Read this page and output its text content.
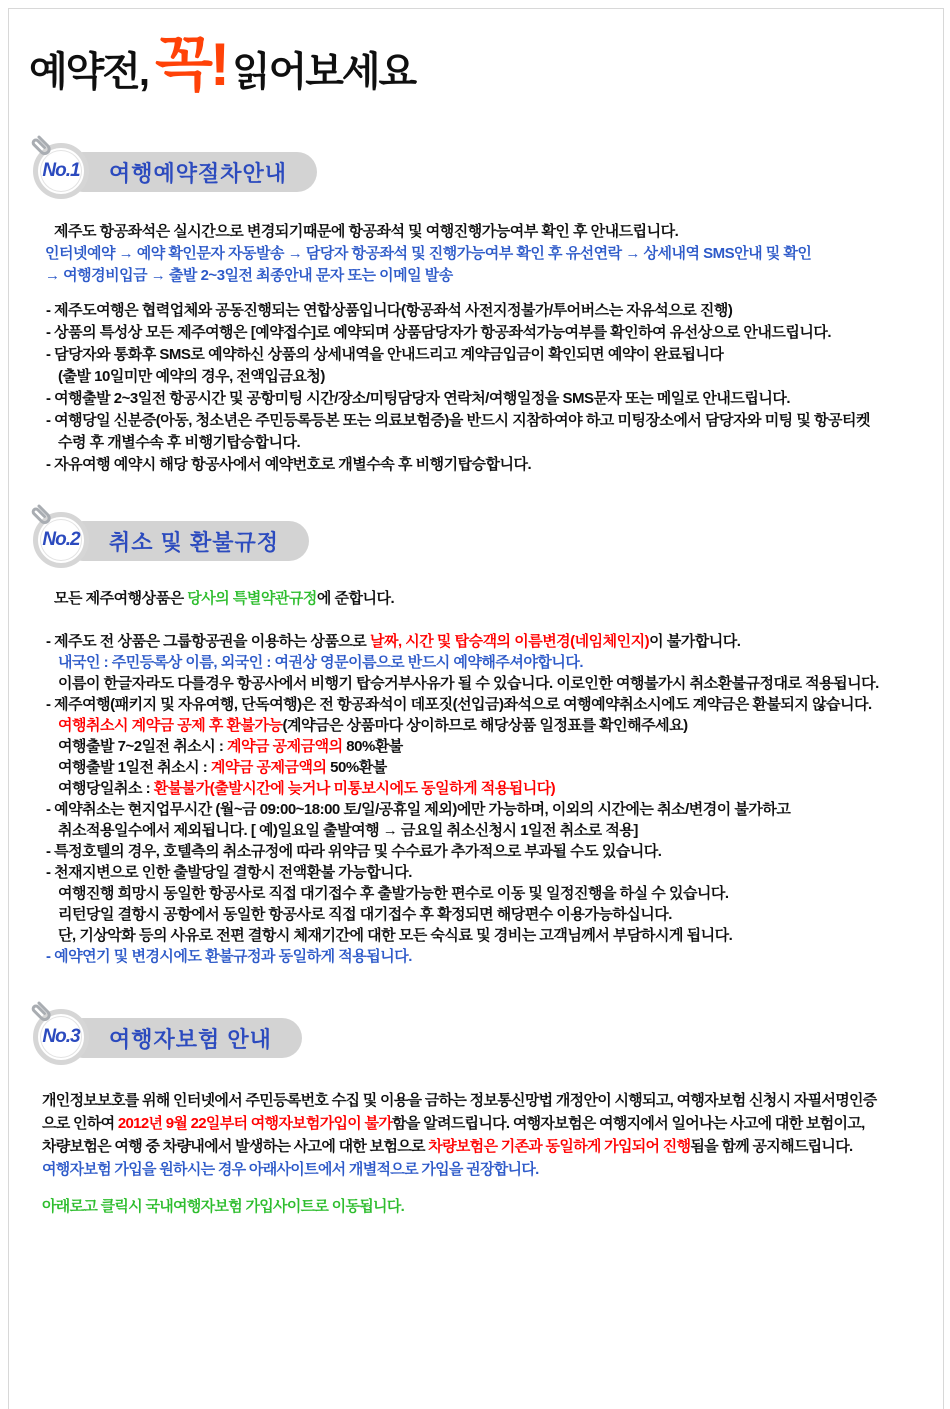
예약전, 꼭! 읽어보세요
여행예약절차안내
No.1
제주도 항공좌석은 실시간으로 변경되기때문에 항공좌석 및 여행진행가능여부 확인 후 안내드립니다.
인터넷예약 → 예약 확인문자 자동발송 → 담당자 항공좌석 및 진행가능여부 확인 후 유선연락 → 상세내역 SMS안내 및 확인
→ 여행경비입금 → 출발 2~3일전 최종안내 문자 또는 이메일 발송
- 제주도여행은 협력업체와 공동진행되는 연합상품입니다(항공좌석 사전지정불가/투어버스는 자유석으로 진행)
- 상품의 특성상 모든 제주여행은 [예약접수]로 예약되며 상품담당자가 항공좌석가능여부를 확인하여 유선상으로 안내드립니다.
- 담당자와 통화후 SMS로 예약하신 상품의 상세내역을 안내드리고 계약금입금이 확인되면 예약이 완료됩니다
(출발 10일미만 예약의 경우, 전액입금요청)
- 여행출발 2~3일전 항공시간 및 공항미팅 시간/장소/미팅담당자 연락처/여행일정을 SMS문자 또는 메일로 안내드립니다.
- 여행당일 신분증(아동, 청소년은 주민등록등본 또는 의료보험증)을 반드시 지참하여야 하고 미팅장소에서 담당자와 미팅 및 항공티켓
수령 후 개별수속 후 비행기탑승합니다.
- 자유여행 예약시 해당 항공사에서 예약번호로 개별수속 후 비행기탑승합니다.
취소 및 환불규정
No.2
모든 제주여행상품은 당사의 특별약관규정에 준합니다.
- 제주도 전 상품은 그룹항공권을 이용하는 상품으로 날짜, 시간 및 탑승객의 이름변경(네임체인지)이 불가합니다.
내국인 : 주민등록상 이름, 외국인 : 여권상 영문이름으로 반드시 예약해주셔야합니다.
이름이 한글자라도 다를경우 항공사에서 비행기 탑승거부사유가 될 수 있습니다. 이로인한 여행불가시 취소환불규정대로 적용됩니다.
- 제주여행(패키지 및 자유여행, 단독여행)은 전 항공좌석이 데포짓(선입금)좌석으로 여행예약취소시에도 계약금은 환불되지 않습니다.
여행취소시 계약금 공제 후 환불가능(계약금은 상품마다 상이하므로 해당상품 일정표를 확인해주세요)
여행출발 7~2일전 취소시 : 계약금 공제금액의 80%환불
여행출발 1일전 취소시 : 계약금 공제금액의 50%환불
여행당일취소 : 환불불가(출발시간에 늦거나 미통보시에도 동일하게 적용됩니다)
- 예약취소는 현지업무시간 (월~금 09:00~18:00 토/일/공휴일 제외)에만 가능하며, 이외의 시간에는 취소/변경이 불가하고
취소적용일수에서 제외됩니다. [ 예)일요일 출발여행 → 금요일 취소신청시 1일전 취소로 적용]
- 특정호텔의 경우, 호텔측의 취소규정에 따라 위약금 및 수수료가 추가적으로 부과될 수도 있습니다.
- 천재지변으로 인한 출발당일 결항시 전액환불 가능합니다.
여행진행 희망시 동일한 항공사로 직접 대기접수 후 출발가능한 편수로 이동 및 일정진행을 하실 수 있습니다.
리턴당일 결항시 공항에서 동일한 항공사로 직접 대기접수 후 확정되면 해당편수 이용가능하십니다.
단, 기상악화 등의 사유로 전편 결항시 체재기간에 대한 모든 숙식료 및 경비는 고객님께서 부담하시게 됩니다.
- 예약연기 및 변경시에도 환불규정과 동일하게 적용됩니다.
여행자보험 안내
No.3
개인정보보호를 위해 인터넷에서 주민등록번호 수집 및 이용을 금하는 정보통신망법 개정안이 시행되고, 여행자보험 신청시 자필서명인증
으로 인하여 2012년 9월 22일부터 여행자보험가입이 불가함을 알려드립니다. 여행자보험은 여행지에서 일어나는 사고에 대한 보험이고,
차량보험은 여행 중 차량내에서 발생하는 사고에 대한 보험으로 차량보험은 기존과 동일하게 가입되어 진행됨을 함께 공지해드립니다.
여행자보험 가입을 원하시는 경우 아래사이트에서 개별적으로 가입을 권장합니다.
아래로고 클릭시 국내여행자보험 가입사이트로 이동됩니다.
